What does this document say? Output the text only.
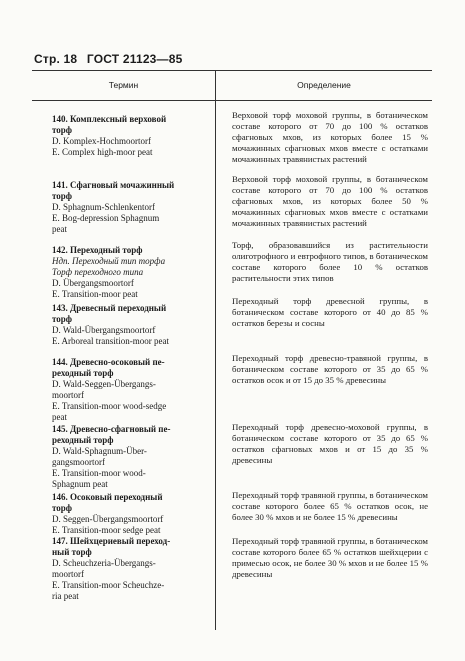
Стр. 18 ГОСТ 21123—85
Термин	Определение
140. Комплексный верховой
торф
D. Komplex-Hochmoortorf
E. Complex high-moor peat
Верховой торф моховой группы, в ботаническом составе которого от 70 до 100 % остатков сфагновых мхов, из которых более 15 % мочажинных сфагновых мхов вместе с остатками мочажинных травянистых растений
141. Сфагновый мочажинный
торф
D. Sphagnum-Schlenkentorf
E. Bog-depression Sphagnum
peat
Верховой торф моховой группы, в ботаническом составе которого от 70 до 100 % остатков сфагновых мхов, из которых более 50 % мочажинных сфагновых мхов вместе с остатками мочажинных травянистых растений
142. Переходный торф
Ндп. Переходный тип торфа
Торф переходного типа
D. Übergangsmoortorf
E. Transition-moor peat
Торф, образовавшийся из растительности олиготрофного и евтрофного типов, в ботаническом составе которого более 10 % остатков растительности этих типов
143. Древесный переходный
торф
D. Wald-Übergangsmoortorf
E. Arboreal transition-moor peat
Переходный торф древесной группы, в ботаническом составе которого от 40 до 85 % остатков березы и сосны
144. Древесно-осоковый пе-
реходный торф
D. Wald-Seggen-Übergangs-
moortorf
E. Transition-moor wood-sedge
peat
Переходный торф древесно-травяной группы, в ботаническом составе которого от 35 до 65 % остатков осок и от 15 до 35 % древесины
145. Древесно-сфагновый пе-
реходный торф
D. Wald-Sphagnum-Über-
gangsmoortorf
E. Transition-moor wood-
Sphagnum peat
Переходный торф древесно-моховой группы, в ботаническом составе которого от 35 до 65 % остатков сфагновых мхов и от 15 до 35 % древесины
146. Осоковый переходный
торф
D. Seggen-Übergangsmoortorf
E. Transition-moor sedge peat
Переходный торф травяной группы, в ботаническом составе которого более 65 % остатков осок, не более 30 % мхов и не более 15 % древесины
147. Шейхцериевый переход-
ный торф
D. Scheuchzeria-Übergangs-
moortorf
E. Transition-moor Scheuchze-
ria peat
Переходный торф травяной группы, в ботаническом составе которого более 65 % остатков шейхцерии с примесью осок, не более 30 % мхов и не более 15 % древесины
